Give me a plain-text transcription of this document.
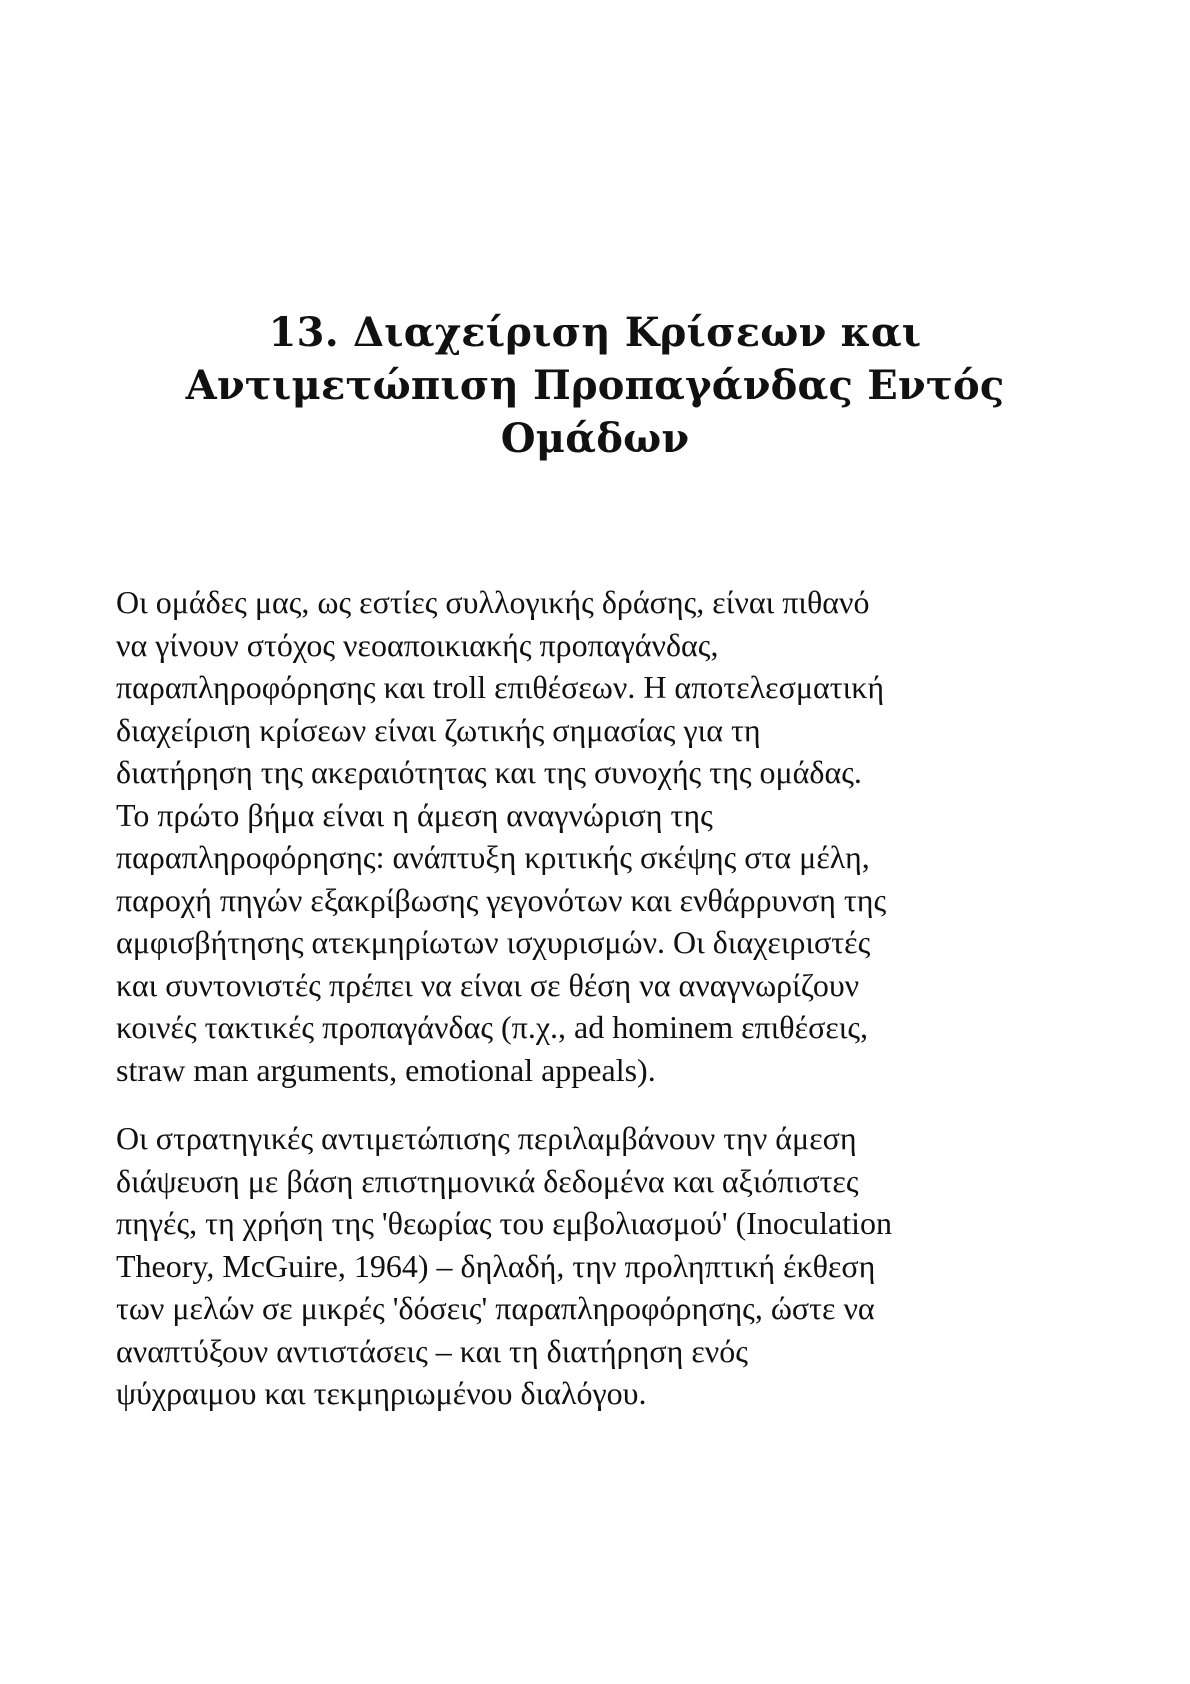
13. Διαχείριση Κρίσεων και
Αντιμετώπιση Προπαγάνδας Εντός
Ομάδων

Οι ομάδες μας, ως εστίες συλλογικής δράσης, είναι πιθανό
να γίνουν στόχος νεοαποικιακής προπαγάνδας,
παραπληροφόρησης και troll επιθέσεων. Η αποτελεσματική
διαχείριση κρίσεων είναι ζωτικής σημασίας για τη
διατήρηση της ακεραιότητας και της συνοχής της ομάδας.
Το πρώτο βήμα είναι η άμεση αναγνώριση της
παραπληροφόρησης: ανάπτυξη κριτικής σκέψης στα μέλη,
παροχή πηγών εξακρίβωσης γεγονότων και ενθάρρυνση της
αμφισβήτησης ατεκμηρίωτων ισχυρισμών. Οι διαχειριστές
και συντονιστές πρέπει να είναι σε θέση να αναγνωρίζουν
κοινές τακτικές προπαγάνδας (π.χ., ad hominem επιθέσεις,
straw man arguments, emotional appeals).

Οι στρατηγικές αντιμετώπισης περιλαμβάνουν την άμεση
διάψευση με βάση επιστημονικά δεδομένα και αξιόπιστες
πηγές, τη χρήση της 'θεωρίας του εμβολιασμού' (Inoculation
Theory, McGuire, 1964) – δηλαδή, την προληπτική έκθεση
των μελών σε μικρές 'δόσεις' παραπληροφόρησης, ώστε να
αναπτύξουν αντιστάσεις – και τη διατήρηση ενός
ψύχραιμου και τεκμηριωμένου διαλόγου.
